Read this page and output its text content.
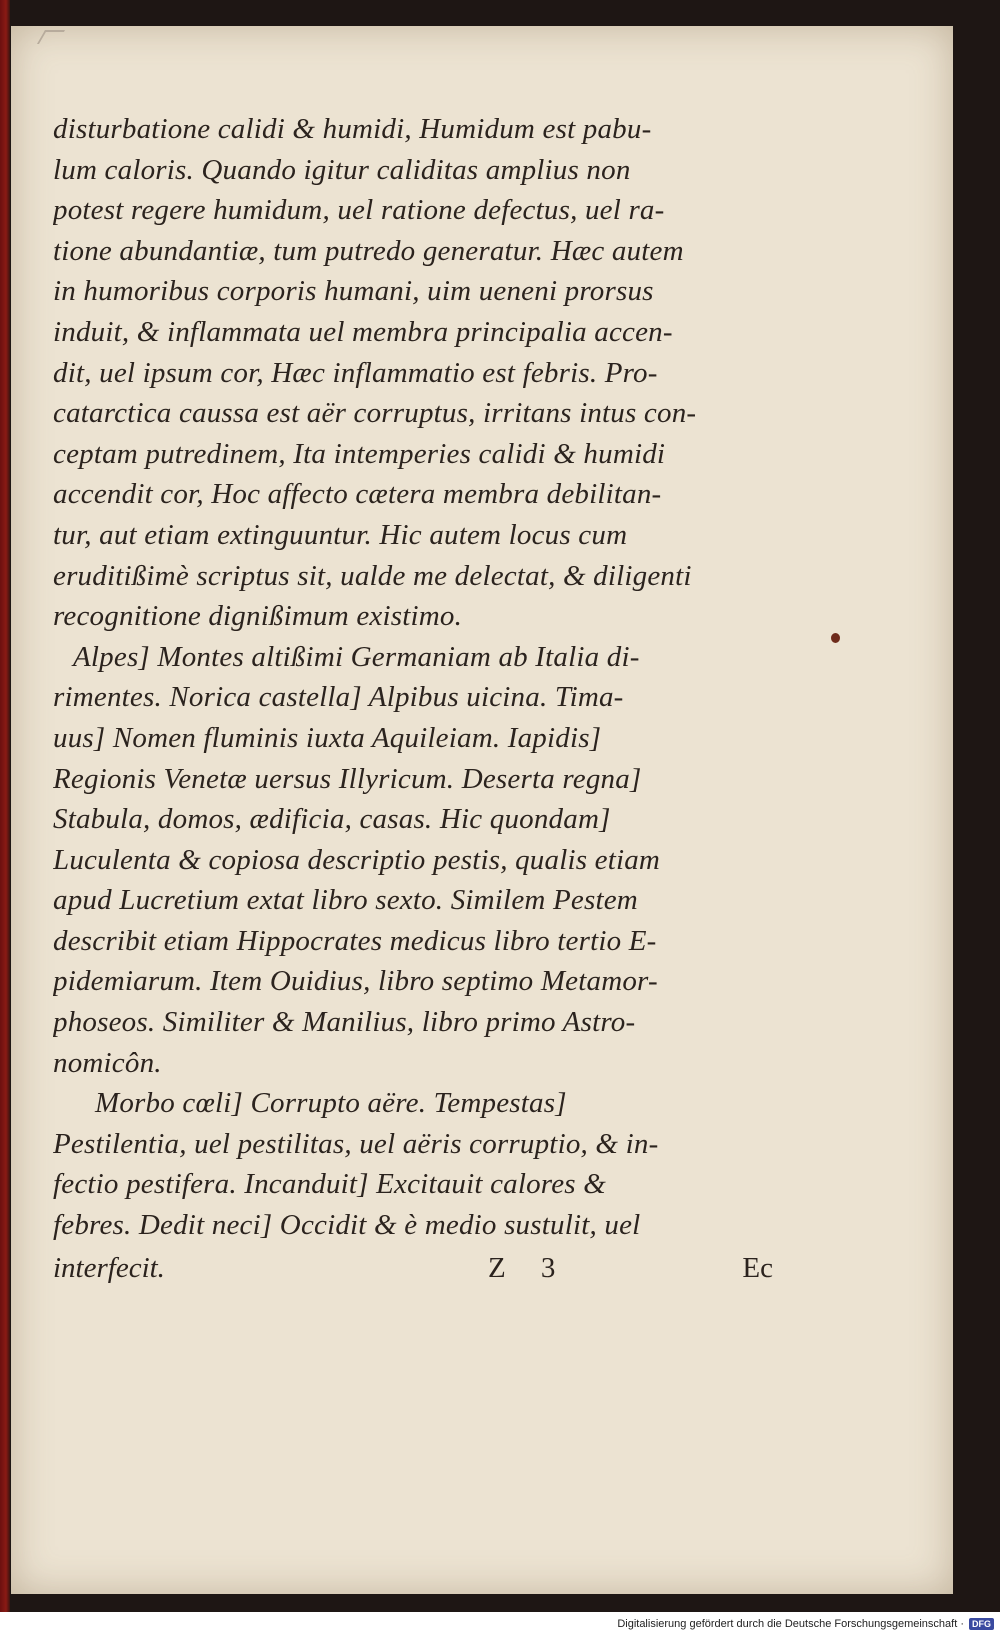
disturbatione calidi & humidi, Humidum est pabu-
lum caloris. Quando igitur caliditas amplius non
potest regere humidum, uel ratione defectus, uel ra-
tione abundantiæ, tum putredo generatur. Hæc autem
in humoribus corporis humani, uim ueneni prorsus
induit, & inflammata uel membra principalia accen-
dit, uel ipsum cor, Hæc inflammatio est febris. Pro-
catarctica caussa est aër corruptus, irritans intus con-
ceptam putredinem, Ita intemperies calidi & humidi
accendit cor, Hoc affecto cætera membra debilitan-
tur, aut etiam extinguuntur. Hic autem locus cum
eruditißimè scriptus sit, ualde me delectat, & diligenti
recognitione dignißimum existimo.
Alpes] Montes altißimi Germaniam ab Italia di-
rimentes. Norica castella] Alpibus uicina. Tima-
uus] Nomen fluminis iuxta Aquileiam. Iapidis]
Regionis Venetæ uersus Illyricum. Deserta regna]
Stabula, domos, ædificia, casas. Hic quondam]
Luculenta & copiosa descriptio pestis, qualis etiam
apud Lucretium extat libro sexto. Similem Pestem
describit etiam Hippocrates medicus libro tertio E-
pidemiarum. Item Ouidius, libro septimo Metamor-
phoseos. Similiter & Manilius, libro primo Astro-
nomicôn.
Morbo cœli] Corrupto aëre. Tempestas]
Pestilentia, uel pestilitas, uel aëris corruptio, & in-
fectio pestifera. Incanduit] Excitauit calores &
febres. Dedit neci] Occidit & è medio sustulit, uel
interfecit.	Z 3	Ec
Digitalisierung gefördert durch die Deutsche Forschungsgemeinschaft · DFG
